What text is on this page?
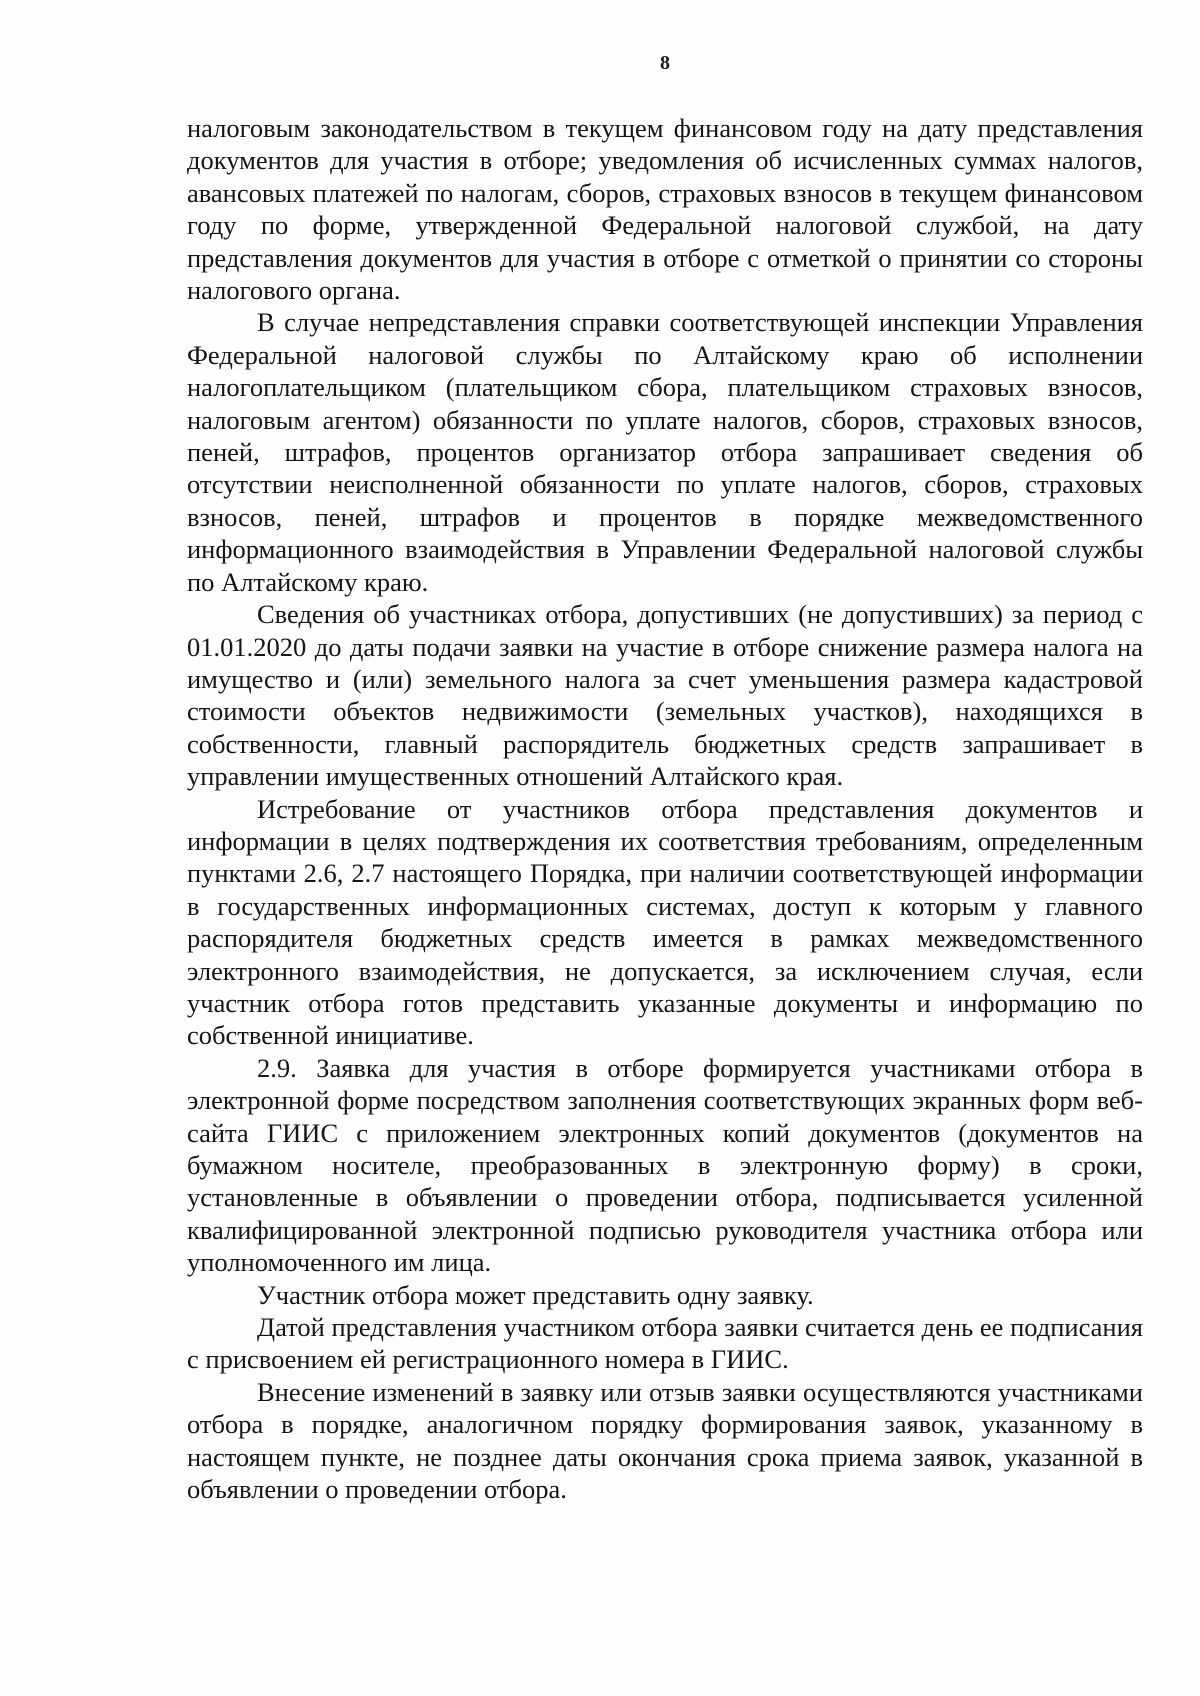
8

налоговым законодательством в текущем финансовом году на дату представления документов для участия в отборе; уведомления об исчисленных суммах налогов, авансовых платежей по налогам, сборов, страховых взносов в текущем финансовом году по форме, утвержденной Федеральной налоговой службой, на дату представления документов для участия в отборе с отметкой о принятии со стороны налогового органа.

В случае непредставления справки соответствующей инспекции Управления Федеральной налоговой службы по Алтайскому краю об исполнении налогоплательщиком (плательщиком сбора, плательщиком страховых взносов, налоговым агентом) обязанности по уплате налогов, сборов, страховых взносов, пеней, штрафов, процентов организатор отбора запрашивает сведения об отсутствии неисполненной обязанности по уплате налогов, сборов, страховых взносов, пеней, штрафов и процентов в порядке межведомственного информационного взаимодействия в Управлении Федеральной налоговой службы по Алтайскому краю.

Сведения об участниках отбора, допустивших (не допустивших) за период с 01.01.2020 до даты подачи заявки на участие в отборе снижение размера налога на имущество и (или) земельного налога за счет уменьшения размера кадастровой стоимости объектов недвижимости (земельных участков), находящихся в собственности, главный распорядитель бюджетных средств запрашивает в управлении имущественных отношений Алтайского края.

Истребование от участников отбора представления документов и информации в целях подтверждения их соответствия требованиям, определенным пунктами 2.6, 2.7 настоящего Порядка, при наличии соответствующей информации в государственных информационных системах, доступ к которым у главного распорядителя бюджетных средств имеется в рамках межведомственного электронного взаимодействия, не допускается, за исключением случая, если участник отбора готов представить указанные документы и информацию по собственной инициативе.

2.9. Заявка для участия в отборе формируется участниками отбора в электронной форме посредством заполнения соответствующих экранных форм веб-сайта ГИИС с приложением электронных копий документов (документов на бумажном носителе, преобразованных в электронную форму) в сроки, установленные в объявлении о проведении отбора, подписывается усиленной квалифицированной электронной подписью руководителя участника отбора или уполномоченного им лица.

Участник отбора может представить одну заявку.

Датой представления участником отбора заявки считается день ее подписания с присвоением ей регистрационного номера в ГИИС.

Внесение изменений в заявку или отзыв заявки осуществляются участниками отбора в порядке, аналогичном порядку формирования заявок, указанному в настоящем пункте, не позднее даты окончания срока приема заявок, указанной в объявлении о проведении отбора.
